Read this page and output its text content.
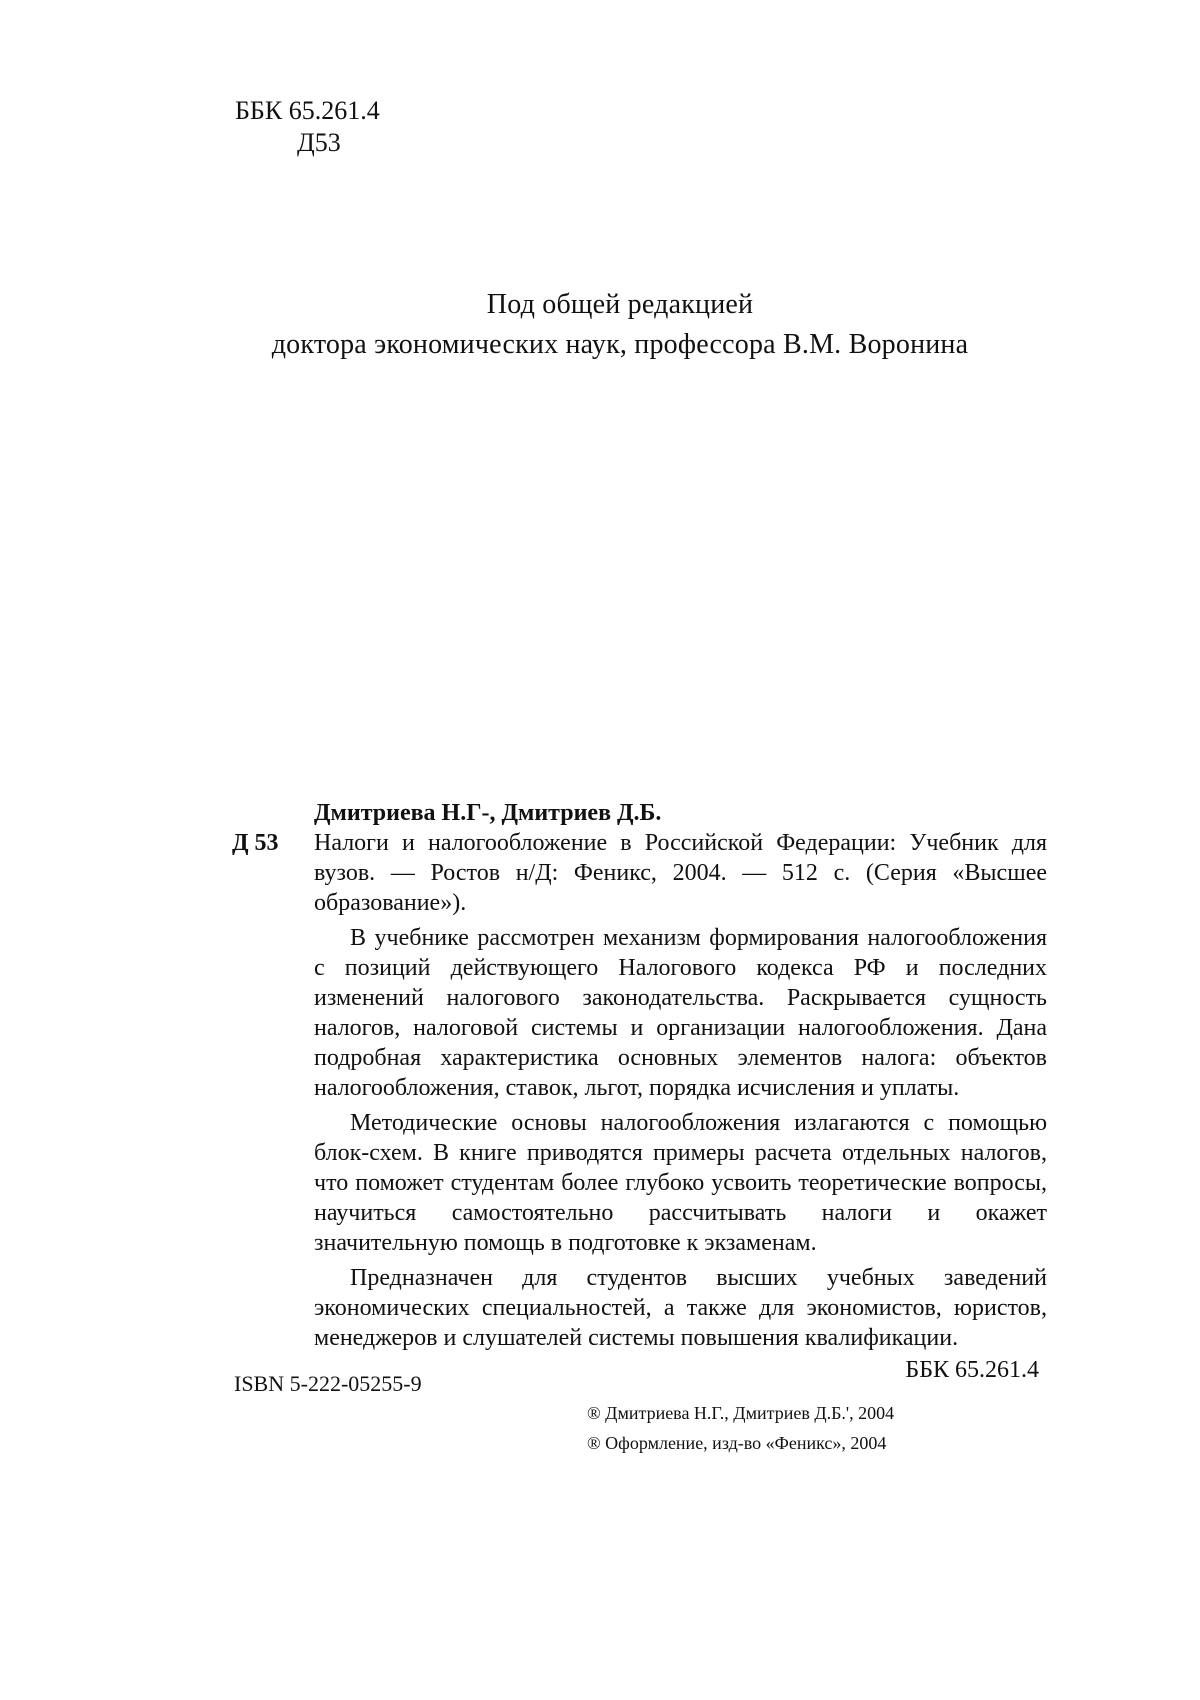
ББК 65.261.4
Д53
Под общей редакцией
доктора экономических наук, профессора В.М. Воронина
Дмитриева Н.Г-, Дмитриев Д.Б.
Д 53 Налоги и налогообложение в Российской Федерации: Учебник для вузов. — Ростов н/Д: Феникс, 2004. — 512 с. (Серия «Высшее образование»).
В учебнике рассмотрен механизм формирования налогообложения с позиций действующего Налогового кодекса РФ и последних изменений налогового законодательства. Раскрывается сущность налогов, налоговой системы и организации налогообложения. Дана подробная характеристика основных элементов налога: объектов налогообложения, ставок, льгот, порядка исчисления и уплаты.
Методические основы налогообложения излагаются с помощью блок-схем. В книге приводятся примеры расчета отдельных налогов, что поможет студентам более глубоко усвоить теоретические вопросы, научиться самостоятельно рассчитывать налоги и окажет значительную помощь в подготовке к экзаменам.
Предназначен для студентов высших учебных заведений экономических специальностей, а также для экономистов, юристов, менеджеров и слушателей системы повышения квалификации.
ББК 65.261.4
ISBN 5-222-05255-9
® Дмитриева Н.Г., Дмитриев Д.Б.', 2004
® Оформление, изд-во «Феникс», 2004
